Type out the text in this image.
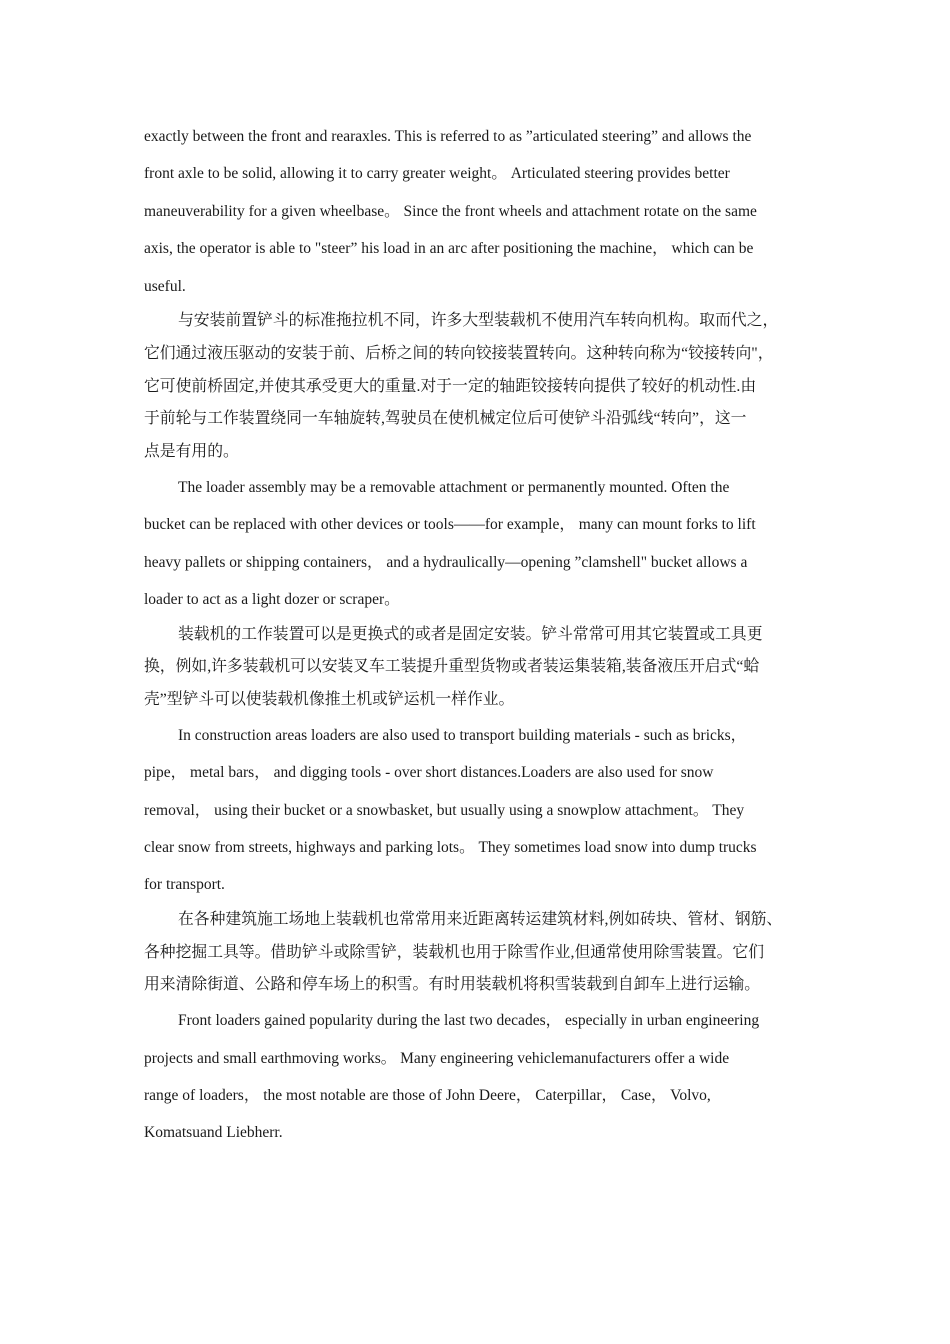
exactly between the front and rearaxles. This is referred to as ”articulated steering” and allows the
front axle to be solid, allowing it to carry greater weight。 Articulated steering provides better
maneuverability for a given wheelbase。 Since the front wheels and attachment rotate on the same
axis, the operator is able to "steer” his load in an arc after positioning the machine， which can be
useful.
与安装前置铲斗的标准拖拉机不同，许多大型装载机不使用汽车转向机构。取而代之，
它们通过液压驱动的安装于前、后桥之间的转向铰接装置转向。这种转向称为“铰接转向"，
它可使前桥固定,并使其承受更大的重量.对于一定的轴距铰接转向提供了较好的机动性.由
于前轮与工作装置绕同一车轴旋转,驾驶员在使机械定位后可使铲斗沿弧线“转向”，这一
点是有用的。
The loader assembly may be a removable attachment or permanently mounted. Often the
bucket can be replaced with other devices or tools——for example， many can mount forks to lift
heavy pallets or shipping containers， and a hydraulically—opening ”clamshell" bucket allows a
loader to act as a light dozer or scraper。
装载机的工作装置可以是更换式的或者是固定安装。铲斗常常可用其它装置或工具更
换，例如,许多装载机可以安装叉车工装提升重型货物或者装运集装箱,装备液压开启式“蛤
壳”型铲斗可以使装载机像推土机或铲运机一样作业。
In construction areas loaders are also used to transport building materials - such as bricks，
pipe， metal bars， and digging tools - over short distances.Loaders are also used for snow
removal， using their bucket or a snowbasket, but usually using a snowplow attachment。 They
clear snow from streets, highways and parking lots。 They sometimes load snow into dump trucks
for transport.
在各种建筑施工场地上装载机也常常用来近距离转运建筑材料,例如砖块、管材、钢筋、
各种挖掘工具等。借助铲斗或除雪铲，装载机也用于除雪作业,但通常使用除雪装置。它们
用来清除街道、公路和停车场上的积雪。有时用装载机将积雪装载到自卸车上进行运输。
Front loaders gained popularity during the last two decades， especially in urban engineering
projects and small earthmoving works。 Many engineering vehiclemanufacturers offer a wide
range of loaders， the most notable are those of John Deere， Caterpillar， Case， Volvo,
Komatsuand Liebherr.
